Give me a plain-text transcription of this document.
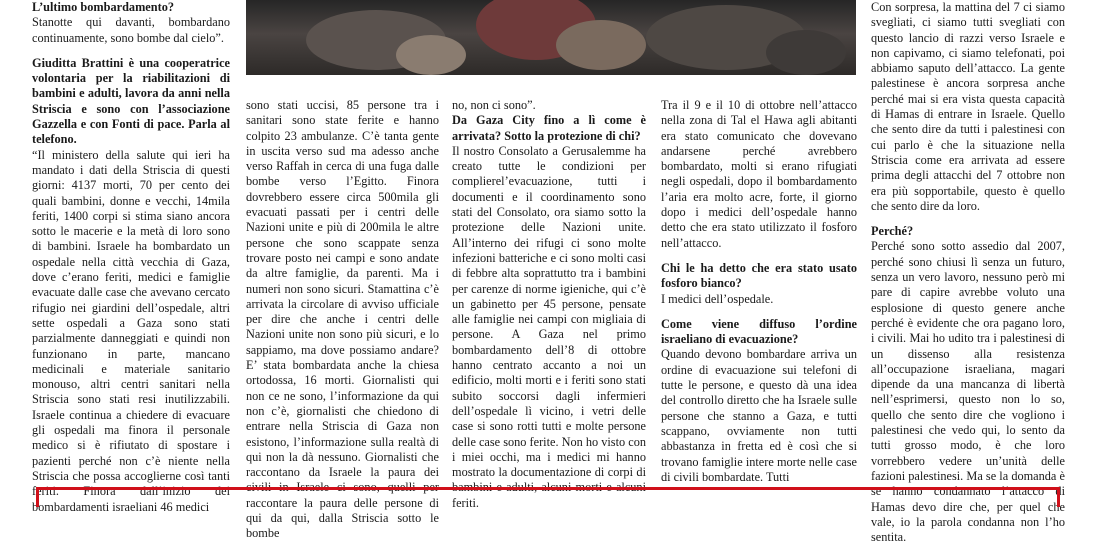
L’ultimo bombardamento?

Stanotte qui davanti, bombardano continuamente, sono bombe dal cielo”.

Giuditta Brattini è una cooperatrice volontaria per la riabilitazioni di bambini e adulti, lavora da anni nella Striscia e sono con l’associazione Gazzella e con Fonti di pace. Parla al telefono.

“Il ministero della salute qui ieri ha mandato i dati della Striscia di questi giorni: 4137 morti, 70 per cento dei quali bambini, donne e vecchi, 14mila feriti, 1400 corpi si stima siano ancora sotto le macerie e la metà di loro sono di bambini. Israele ha bombardato un ospedale nella città vecchia di Gaza, dove c’erano feriti, medici e famiglie evacuate dalle case che avevano cercato rifugio nei giardini dell’ospedale, altri sette ospedali a Gaza sono stati parzialmente danneggiati e quindi non funzionano in parte, mancano medicinali e materiale sanitario monouso, altri centri sanitari nella Striscia sono stati resi inutilizzabili. Israele continua a chiedere di evacuare gli ospedali ma finora il personale medico si è rifiutato di spostare i pazienti perché non c’è niente nella Striscia che possa accoglierne così tanti feriti. Finora dall’inizio dei bombardamenti israeliani 46 medici

sono stati uccisi, 85 persone tra i sanitari sono state ferite e hanno colpito 23 ambulanze. C’è tanta gente in uscita verso sud ma adesso anche verso Raffah in cerca di una fuga dalle bombe verso l’Egitto. Finora dovrebbero essere circa 500mila gli evacuati passati per i centri delle Nazioni unite e più di 200mila le altre persone che sono scappate senza trovare posto nei campi e sono andate da altre famiglie, da parenti. Ma i numeri non sono sicuri. Stamattina c’è arrivata la circolare di avviso ufficiale per dire che anche i centri delle Nazioni unite non sono più sicuri, e lo sappiamo, ma dove possiamo andare? E’ stata bombardata anche la chiesa ortodossa, 16 morti. Giornalisti qui non ce ne sono, l’informazione da qui non c’è, giornalisti che chiedono di entrare nella Striscia di Gaza non esistono, l’informazione sulla realtà di qui non la dà nessuno. Giornalisti che raccontano da Israele la paura dei civili in Israele ci sono, quelli per raccontare la paura delle persone di qui da qui, dalla Striscia sotto le bombe

no, non ci sono”.

Da Gaza City fino a lì come è arrivata? Sotto la protezione di chi?

Il nostro Consolato a Gerusalemme ha creato tutte le condizioni per complierel’evacuazione, tutti i documenti e il coordinamento sono stati del Consolato, ora siamo sotto la protezione delle Nazioni unite. All’interno dei rifugi ci sono molte infezioni batteriche e ci sono molti casi di febbre alta soprattutto tra i bambini per carenze di norme igieniche, qui c’è un gabinetto per 45 persone, pensate alle famiglie nei campi con migliaia di persone. A Gaza nel primo bombardamento dell’8 di ottobre hanno centrato accanto a noi un edificio, molti morti e i feriti sono stati subito soccorsi dagli infermieri dell’ospedale lì vicino, i vetri delle case si sono rotti tutti e molte persone delle case sono ferite. Non ho visto con i miei occhi, ma i medici mi hanno mostrato la documentazione di corpi di bambini e adulti, alcuni morti e alcuni feriti.

Tra il 9 e il 10 di ottobre nell’attacco nella zona di Tal el Hawa agli abitanti era stato comunicato che dovevano andarsene perché avrebbero bombardato, molti si erano rifugiati negli ospedali, dopo il bombardamento l’aria era molto acre, forte, il giorno dopo i medici dell’ospedale hanno detto che era stato utilizzato il fosforo nell’attacco.

Chi le ha detto che era stato usato fosforo bianco?

I medici dell’ospedale.

Come viene diffuso l’ordine israeliano di evacuazione?

Quando devono bombardare arriva un ordine di evacuazione sui telefoni di tutte le persone, e questo dà una idea del controllo diretto che ha Israele sulle persone che stanno a Gaza, e tutti scappano, ovviamente non tutti abbastanza in fretta ed è così che si trovano famiglie intere morte nelle case di civili bombardate. Tutti

Con sorpresa, la mattina del 7 ci siamo svegliati, ci siamo tutti svegliati con questo lancio di razzi verso Israele e non capivamo, ci siamo telefonati, poi abbiamo saputo dell’attacco. La gente palestinese è ancora sorpresa anche perché mai si era vista questa capacità di Hamas di entrare in Israele. Quello che sento dire da tutti i palestinesi con cui parlo è che la situazione nella Striscia come era arrivata ad essere prima degli attacchi del 7 ottobre non era più sopportabile, questo è quello che sento dire da loro.

Perché?

Perché sono sotto assedio dal 2007, perché sono chiusi lì senza un futuro, senza un vero lavoro, nessuno però mi pare di capire avrebbe voluto una esplosione di questo genere anche perché è evidente che ora pagano loro, i civili. Mai ho udito tra i palestinesi di un dissenso alla resistenza all’occupazione israeliana, magari dipende da una mancanza di libertà nell’esprimersi, questo non lo so, quello che sento dire che vogliono i palestinesi che vedo qui, lo sento da tutti grosso modo, è che loro vorrebbero vedere un’unità delle fazioni palestinesi. Ma se la domanda è se hanno condannato l’attacco di Hamas devo dire che, per quel che vale, io la parola condanna non l’ho sentita.
